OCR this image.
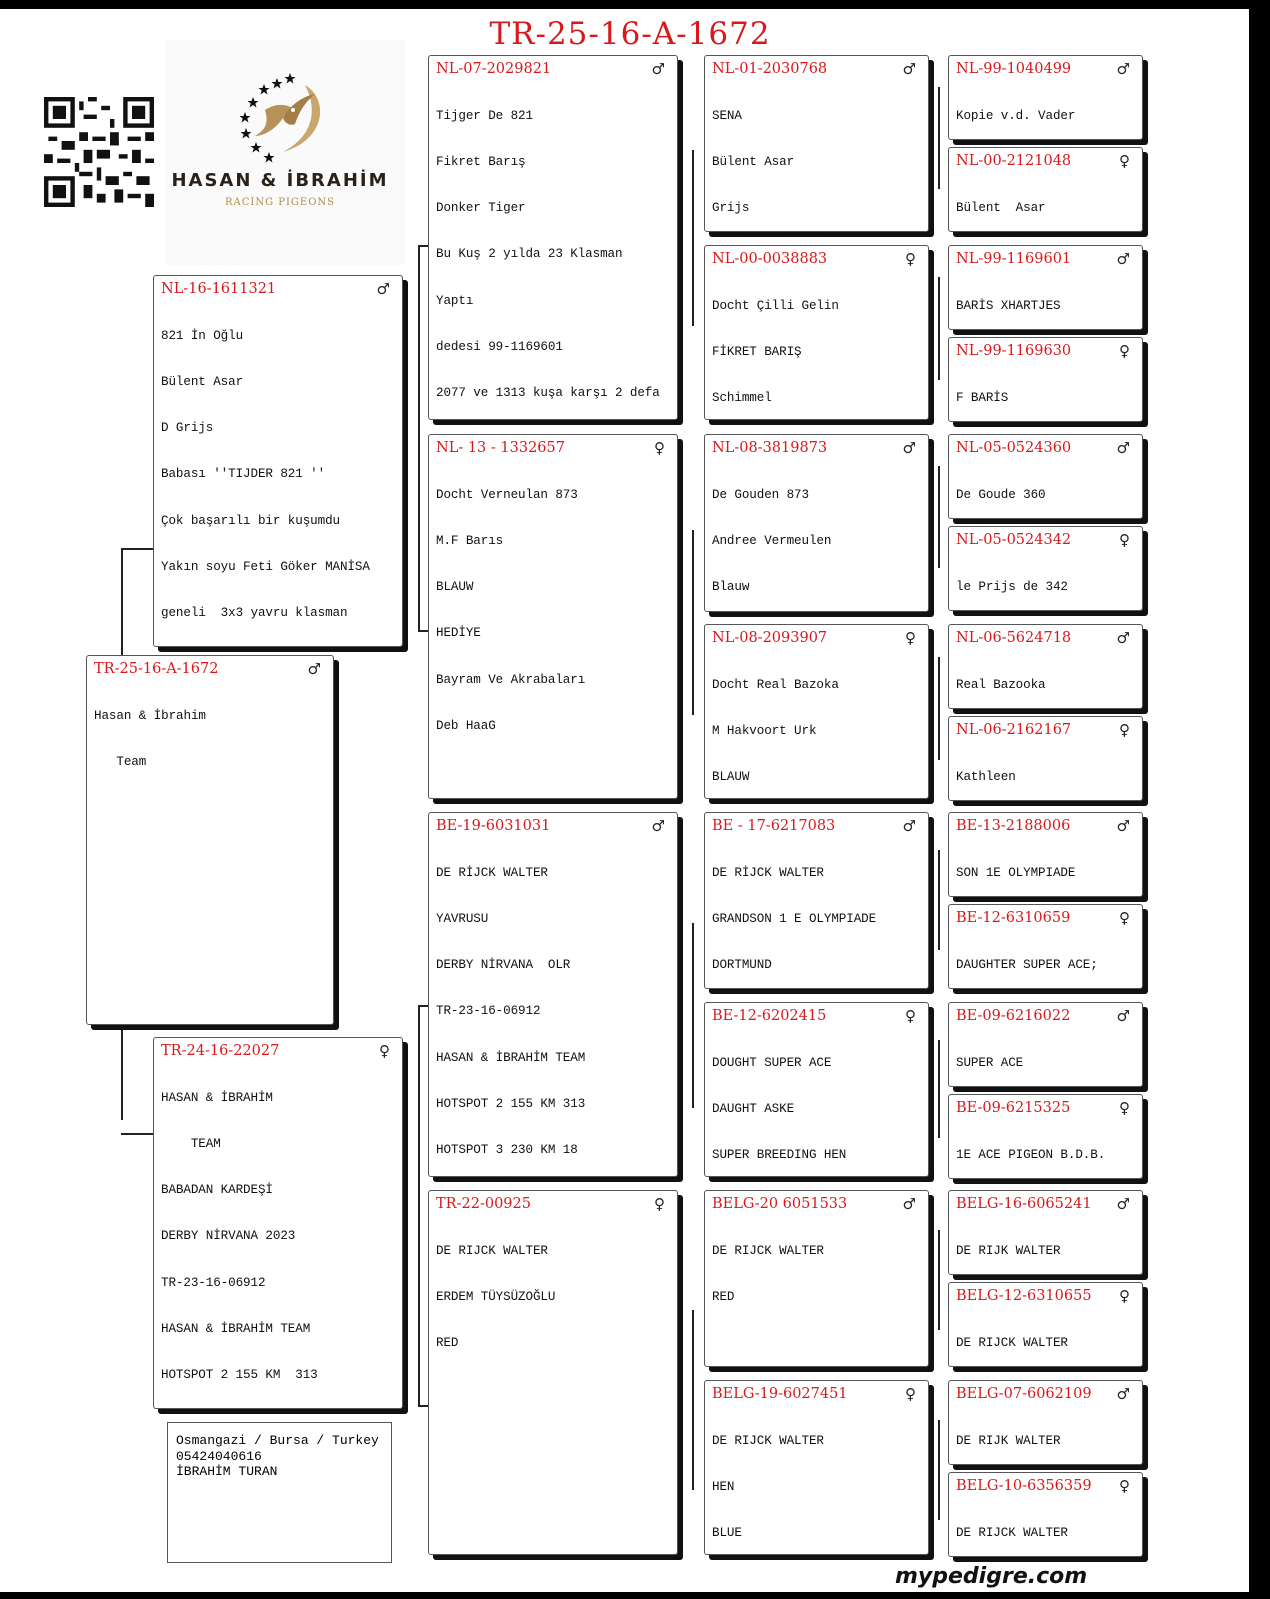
TR-25-16-A-1672
HASAN & İBRAHİM
RACING PIGEONS
TR-25-16-A-1672	♂

Hasan & İbrahim

Team

NL-16-1611321	♂

821 İn Oğlu

Bülent Asar

D Grijs

Babası ''TIJDER 821 ''

Çok başarılı bir kuşumdu

Yakın soyu Feti Göker MANİSA

geneli  3x3 yavru klasman

TR-24-16-22027	♀

HASAN & İBRAHİM

TEAM

BABADAN KARDEŞİ

DERBY NİRVANA 2023

TR-23-16-06912

HASAN & İBRAHİM TEAM

HOTSPOT 2 155 KM  313

NL-07-2029821	♂

Tijger De 821

Fikret Barış

Donker Tiger

Bu Kuş 2 yılda 23 Klasman

Yaptı

dedesi 99-1169601

2077 ve 1313 kuşa karşı 2 defa

NL- 13 - 1332657	♀

Docht Verneulan 873

M.F Barıs

BLAUW

HEDİYE

Bayram Ve Akrabaları

Deb HaaG

BE-19-6031031	♂

DE RİJCK WALTER

YAVRUSU

DERBY NİRVANA  OLR

TR-23-16-06912

HASAN & İBRAHİM TEAM

HOTSPOT 2 155 KM 313

HOTSPOT 3 230 KM 18

TR-22-00925	♀

DE RIJCK WALTER

ERDEM TÜYSÜZOĞLU

RED

NL-01-2030768	♂

SENA

Bülent Asar

Grijs

NL-00-0038883	♀

Docht Çilli Gelin

FİKRET BARIŞ

Schimmel

NL-08-3819873	♂

De Gouden 873

Andree Vermeulen

Blauw

NL-08-2093907	♀

Docht Real Bazoka

M Hakvoort Urk

BLAUW

BE - 17-6217083	♂

DE RİJCK WALTER

GRANDSON 1 E OLYMPIADE

DORTMUND

BE-12-6202415	♀

DOUGHT SUPER ACE

DAUGHT ASKE

SUPER BREEDING HEN

BELG-20 6051533	♂

DE RIJCK WALTER

RED

BELG-19-6027451	♀

DE RIJCK WALTER

HEN

BLUE

NL-99-1040499	♂

Kopie v.d. Vader

NL-00-2121048	♀

Bülent  Asar

NL-99-1169601	♂

BARİS XHARTJES

NL-99-1169630	♀

F BARİS

NL-05-0524360	♂

De Goude 360

NL-05-0524342	♀

le Prijs de 342

NL-06-5624718	♂

Real Bazooka

NL-06-2162167	♀

Kathleen

BE-13-2188006	♂

SON 1E OLYMPIADE

BE-12-6310659	♀

DAUGHTER SUPER ACE;

BE-09-6216022	♂

SUPER ACE

BE-09-6215325	♀

1E ACE PIGEON B.D.B.

BELG-16-6065241	♂

DE RIJK WALTER

BELG-12-6310655	♀

DE RIJCK WALTER

BELG-07-6062109	♂

DE RIJK WALTER

BELG-10-6356359	♀

DE RIJCK WALTER

Osmangazi / Bursa / Turkey
05424040616
İBRAHİM TURAN
mypedigre.com
